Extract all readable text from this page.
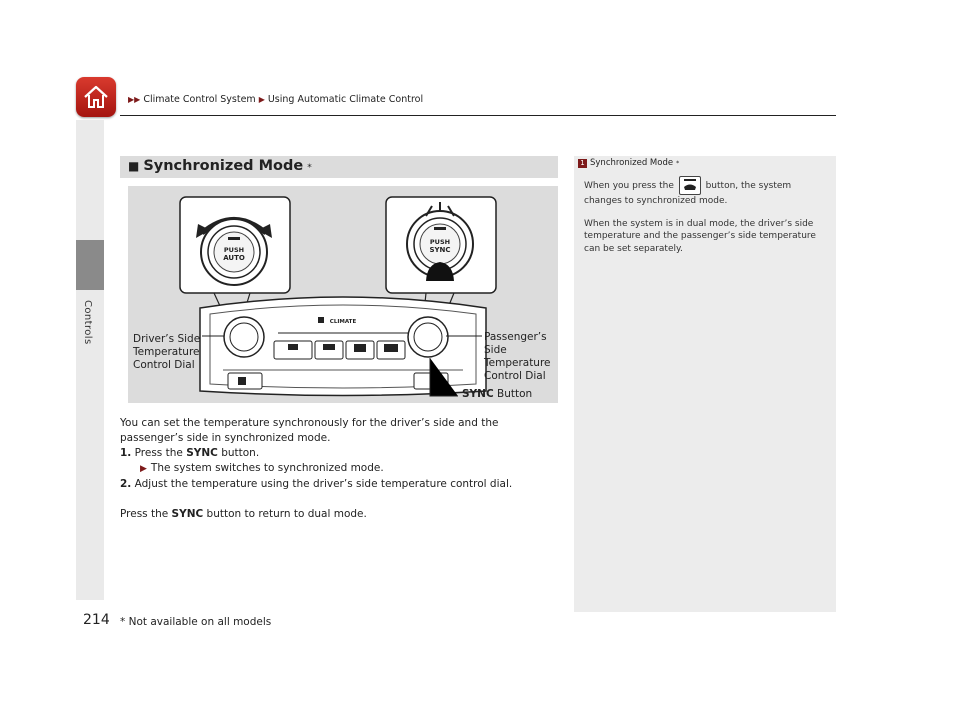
▶▶ Climate Control System ▶ Using Automatic Climate Control
Controls
■ Synchronized Mode *
PUSH
AUTO
PUSH
SYNC
CLIMATE
Driver’s Side
Temperature
Control Dial
Passenger’s
Side
Temperature
Control Dial
SYNC Button

You can set the temperature synchronously for the driver’s side and the passenger’s side in synchronized mode.

1. Press the SYNC button.

▶ The system switches to synchronized mode.

2. Adjust the temperature using the driver’s side temperature control dial.

Press the SYNC button to return to dual mode.

1 Synchronized Mode *

When you press the	button, the system changes to synchronized mode.

When the system is in dual mode, the driver’s side temperature and the passenger’s side temperature can be set separately.

214 * Not available on all models
